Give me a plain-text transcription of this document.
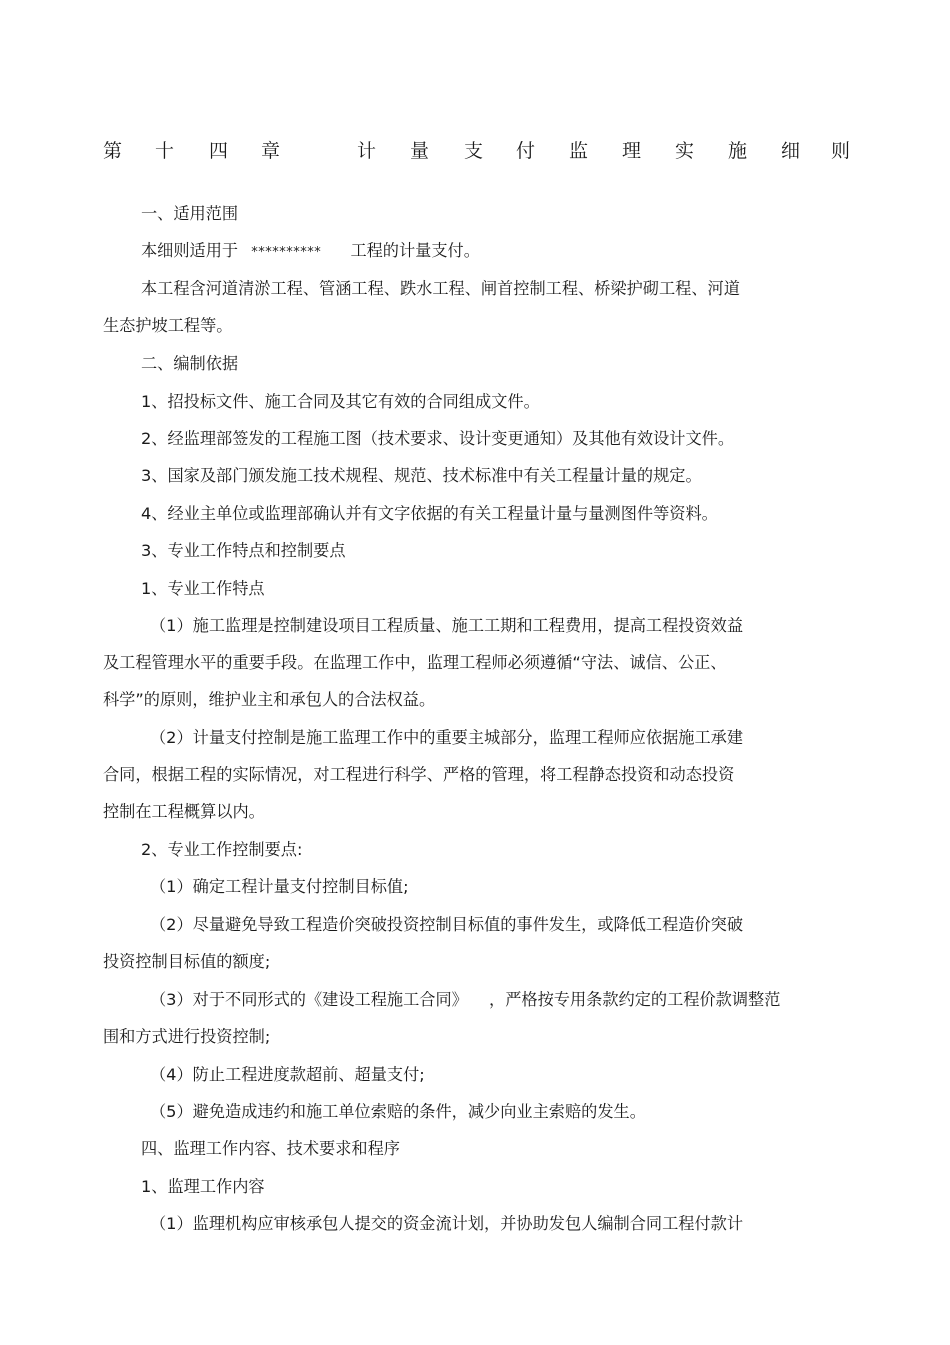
第 十 四 章	计 量 支 付 监 理 实 施 细 则
一、适用范围
本细则适用于 ********** 工程的计量支付。
本工程含河道清淤工程、管涵工程、跌水工程、闸首控制工程、桥梁护砌工程、河道
生态护坡工程等。
二、编制依据
1、招投标文件、施工合同及其它有效的合同组成文件。
2、经监理部签发的工程施工图（技术要求、设计变更通知）及其他有效设计文件。
3、国家及部门颁发施工技术规程、规范、技术标准中有关工程量计量的规定。
4、经业主单位或监理部确认并有文字依据的有关工程量计量与量测图件等资料。
3、专业工作特点和控制要点
1、专业工作特点
（1）施工监理是控制建设项目工程质量、施工工期和工程费用，提高工程投资效益
及工程管理水平的重要手段。在监理工作中，监理工程师必须遵循“守法、诚信、公正、
科学”的原则，维护业主和承包人的合法权益。
（2）计量支付控制是施工监理工作中的重要主城部分，监理工程师应依据施工承建
合同，根据工程的实际情况，对工程进行科学、严格的管理，将工程静态投资和动态投资
控制在工程概算以内。
2、专业工作控制要点:
（1）确定工程计量支付控制目标值;
（2）尽量避免导致工程造价突破投资控制目标值的事件发生，或降低工程造价突破
投资控制目标值的额度;
（3）对于不同形式的《建设工程施工合同》 ，严格按专用条款约定的工程价款调整范
围和方式进行投资控制;
（4）防止工程进度款超前、超量支付;
（5）避免造成违约和施工单位索赔的条件，减少向业主索赔的发生。
四、监理工作内容、技术要求和程序
1、监理工作内容
（1）监理机构应审核承包人提交的资金流计划，并协助发包人编制合同工程付款计
